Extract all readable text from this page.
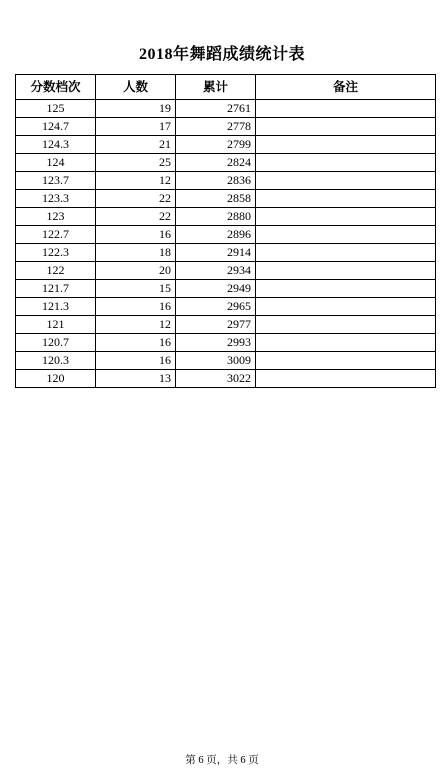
2018年舞蹈成绩统计表
分数档次	人数	累计	备注
125	19	2761	
124.7	17	2778	
124.3	21	2799	
124	25	2824	
123.7	12	2836	
123.3	22	2858	
123	22	2880	
122.7	16	2896	
122.3	18	2914	
122	20	2934	
121.7	15	2949	
121.3	16	2965	
121	12	2977	
120.7	16	2993	
120.3	16	3009	
120	13	3022	
第 6 页，共 6 页
